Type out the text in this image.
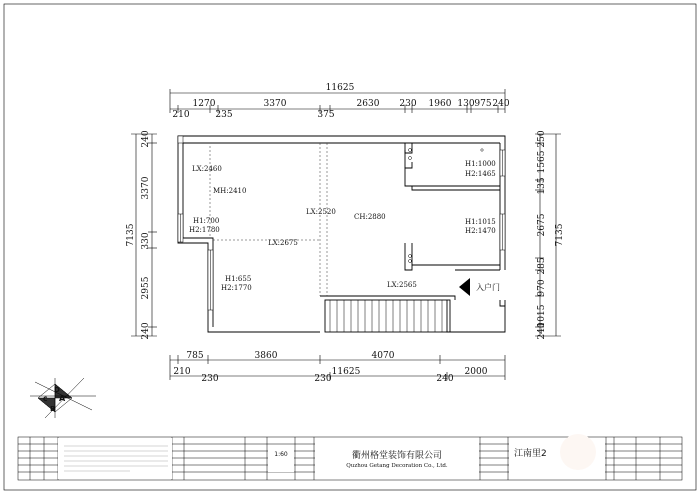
11625
210
1270
235
3370
375
2630 230 1960 130 975 240
240
3370
330
2955
240
7135
250
1565
135
2675
285
970
1015
240
7135
785	3860	4070
210
230	230
11625
240
2000
LX:2460
MH:2410
LX:2520
CH:2880
LX:2675
LX:2565
H1:700
H2:1780
H1:655
H2:1770
H1:1000
H2:1465
H1:1015
H2:1470
入户门
A
B
C
D
衢州格堂装饰有限公司
Quzhou Getang Decoration Co., Ltd.
1:60	江南里2
